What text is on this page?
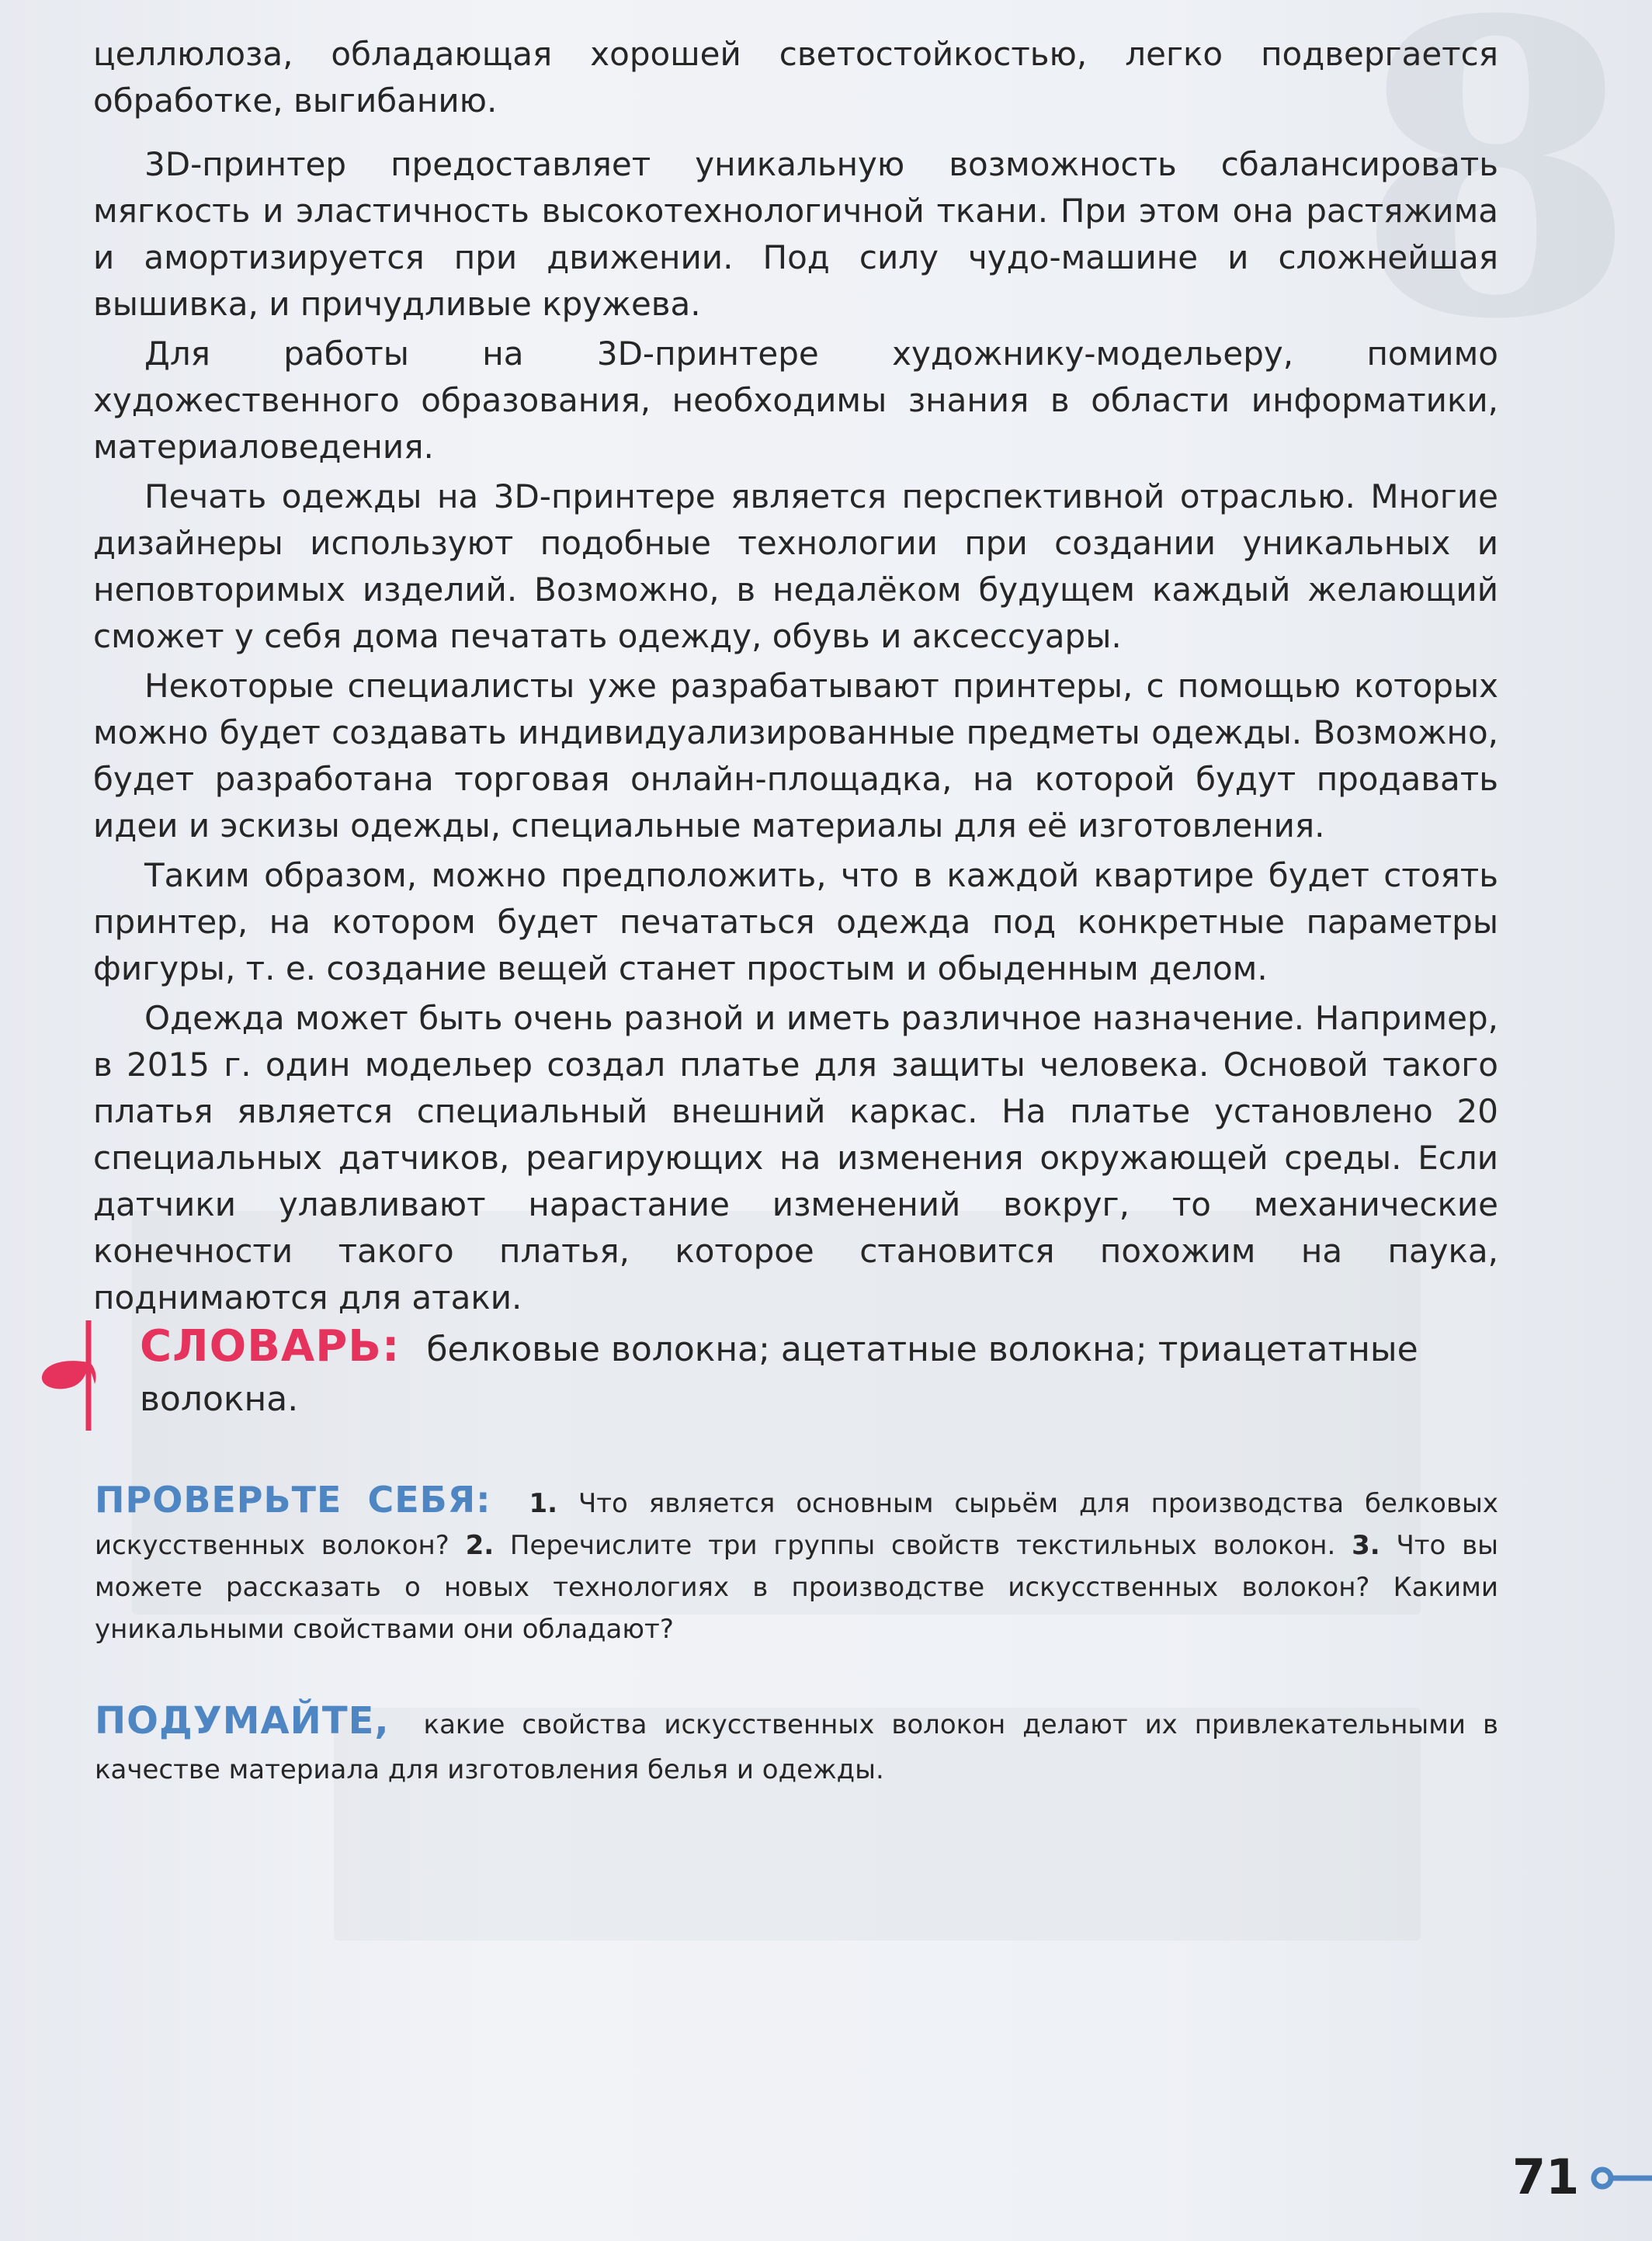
8

целлюлоза, обладающая хорошей светостойкостью, легко подвергается обработке, выгибанию.

3D-принтер предоставляет уникальную возможность сбалансировать мягкость и эластичность высокотехнологичной ткани. При этом она растяжима и амортизируется при движении. Под силу чудо-машине и сложнейшая вышивка, и причудливые кружева.

Для работы на 3D-принтере художнику-модельеру, помимо художественного образования, необходимы знания в области информатики, материаловедения.

Печать одежды на 3D-принтере является перспективной отраслью. Многие дизайнеры используют подобные технологии при создании уникальных и неповторимых изделий. Возможно, в недалёком будущем каждый желающий сможет у себя дома печатать одежду, обувь и аксессуары.

Некоторые специалисты уже разрабатывают принтеры, с помощью которых можно будет создавать индивидуализированные предметы одежды. Возможно, будет разработана торговая онлайн-площадка, на которой будут продавать идеи и эскизы одежды, специальные материалы для её изготовления.

Таким образом, можно предположить, что в каждой квартире будет стоять принтер, на котором будет печататься одежда под конкретные параметры фигуры, т. е. создание вещей станет простым и обыденным делом.

Одежда может быть очень разной и иметь различное назначение. Например, в 2015 г. один модельер создал платье для защиты человека. Основой такого платья является специальный внешний каркас. На платье установлено 20 специальных датчиков, реагирующих на изменения окружающей среды. Если датчики улавливают нарастание изменений вокруг, то механические конечности такого платья, которое становится похожим на паука, поднимаются для атаки.

СЛОВАРЬ: белковые волокна; ацетатные волокна; триацетатные волокна.
ПРОВЕРЬТЕ СЕБЯ: 1. Что является основным сырьём для производства белковых искусственных волокон? 2. Перечислите три группы свойств текстильных волокон. 3. Что вы можете рассказать о новых технологиях в производстве искусственных волокон? Какими уникальными свойствами они обладают?
ПОДУМАЙТЕ, какие свойства искусственных волокон делают их привлекательными в качестве материала для изготовления белья и одежды.
71
